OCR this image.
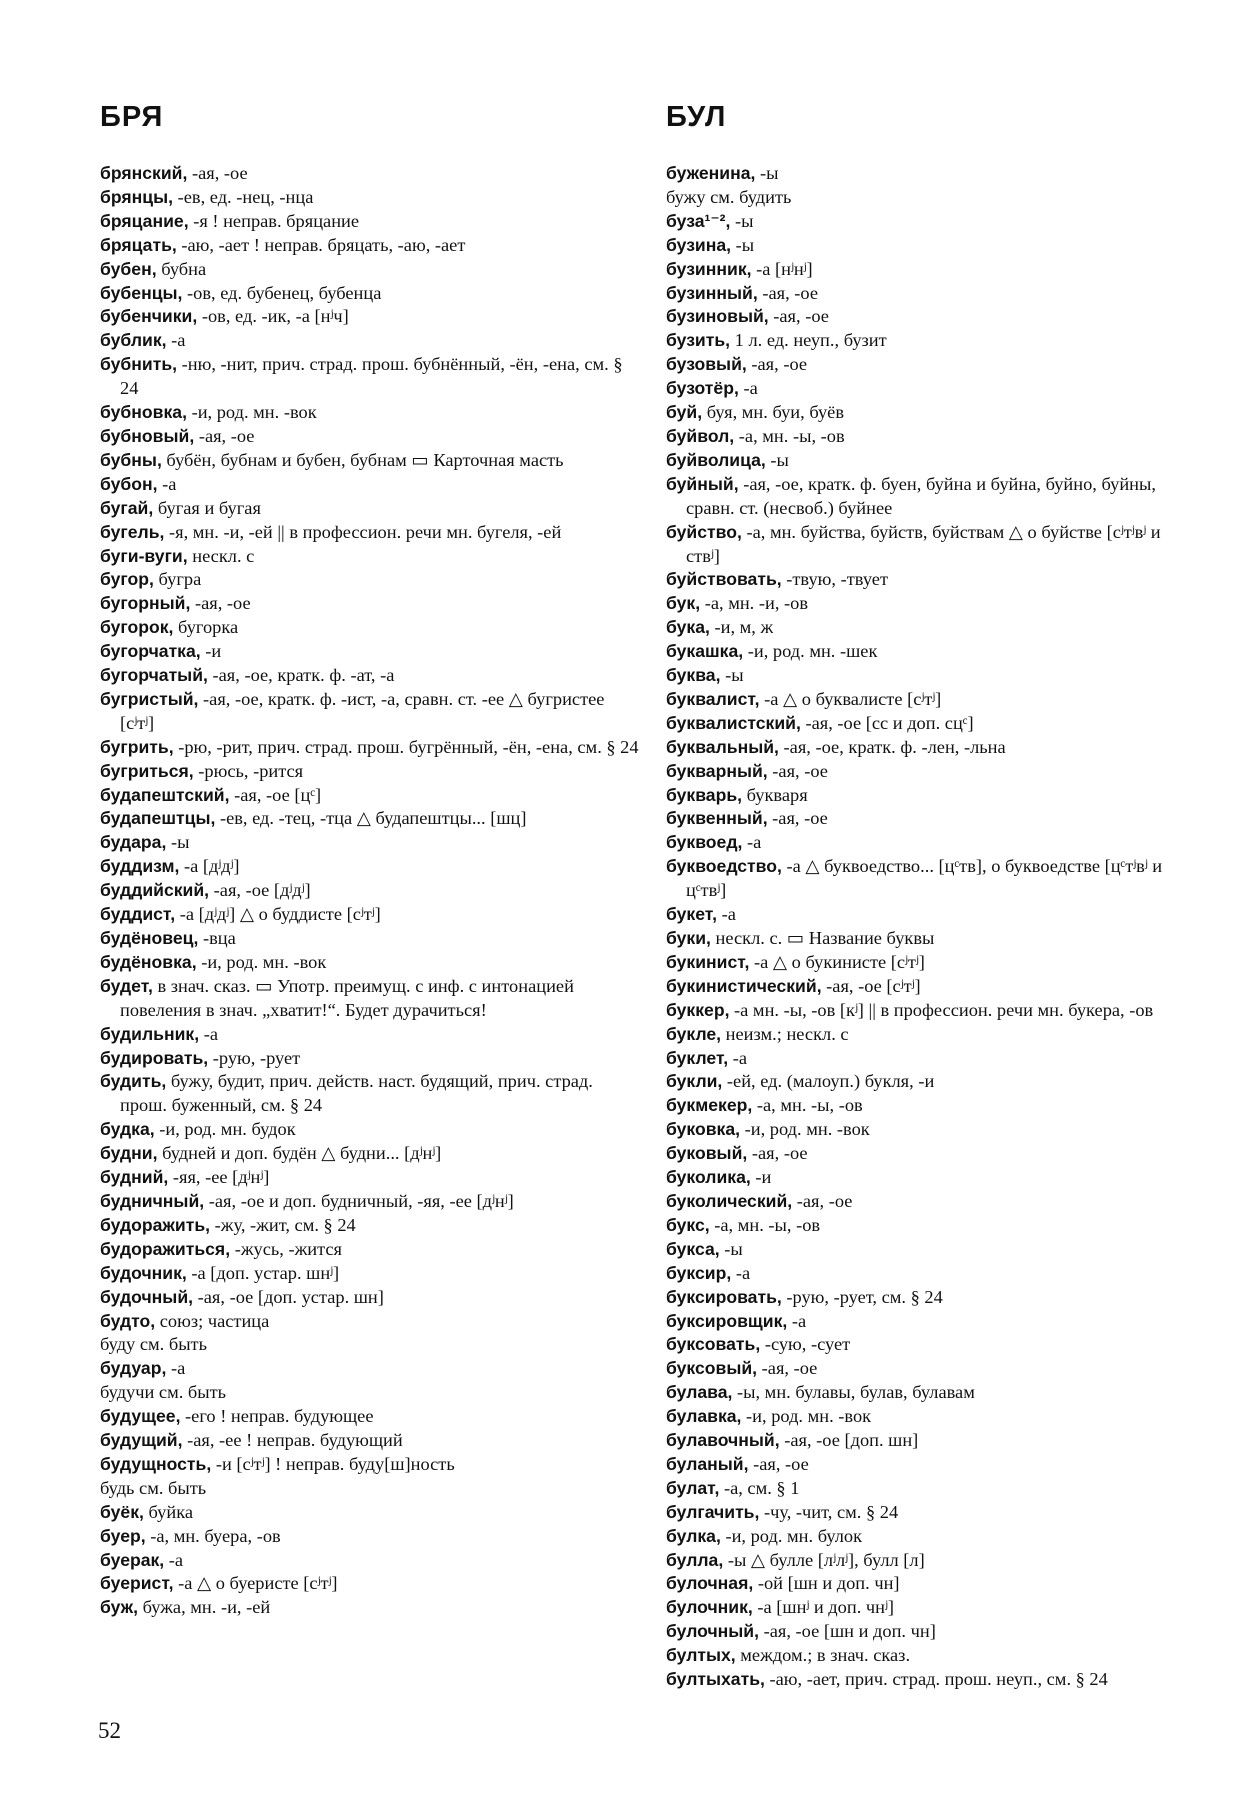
БРЯ
брянский, -ая, -ое
брянцы, -ев, ед. -нец, -нца
бряцание, -я ! неправ. бряцание
бряцать, -аю, -ает ! неправ. бряцать, -аю, -ает
бубен, бубна
бубенцы, -ов, ед. бубенец, бубенца
бубенчики, -ов, ед. -ик, -а [нʲч]
бублик, -а
бубнить, -ню, -нит, прич. страд. прош. бубнённый, -ён, -ена, см. § 24
бубновка, -и, род. мн. -вок
бубновый, -ая, -ое
бубны, бубён, бубнам и бубен, бубнам ▭ Карточная масть
бубон, -а
бугай, бугая и бугая
бугель, -я, мн. -и, -ей || в профессион. речи мн. бугеля, -ей
буги-вуги, нескл. с
бугор, бугра
бугорный, -ая, -ое
бугорок, бугорка
бугорчатка, -и
бугорчатый, -ая, -ое, кратк. ф. -ат, -а
бугристый, -ая, -ое, кратк. ф. -ист, -а, сравн. ст. -ее △ бугристее [сʲтʲ]
бугрить, -рю, -рит, прич. страд. прош. бугрённый, -ён, -ена, см. § 24
бугриться, -рюсь, -рится
будапештский, -ая, -ое [цᶜ]
будапештцы, -ев, ед. -тец, -тца △ будапештцы... [шц]
будара, -ы
буддизм, -а [дʲдʲ]
буддийский, -ая, -ое [дʲдʲ]
буддист, -а [дʲдʲ] △ о буддисте [сʲтʲ]
будёновец, -вца
будёновка, -и, род. мн. -вок
будет, в знач. сказ. ▭ Употр. преимущ. с инф. с интонацией повеления в знач. „хватит!“. Будет дурачиться!
будильник, -а
будировать, -рую, -рует
будить, бужу, будит, прич. действ. наст. будящий, прич. страд. прош. буженный, см. § 24
будка, -и, род. мн. будок
будни, будней и доп. будён △ будни... [дʲнʲ]
будний, -яя, -ее [дʲнʲ]
будничный, -ая, -ое и доп. будничный, -яя, -ее [дʲнʲ]
будоражить, -жу, -жит, см. § 24
будоражиться, -жусь, -жится
будочник, -а [доп. устар. шнʲ]
будочный, -ая, -ое [доп. устар. шн]
будто, союз; частица
буду см. быть
будуар, -а
будучи см. быть
будущее, -его ! неправ. будующее
будущий, -ая, -ее ! неправ. будующий
будущность, -и [сʲтʲ] ! неправ. буду[ш]ность
будь см. быть
буёк, буйка
буер, -а, мн. буера, -ов
буерак, -а
буерист, -а △ о буеристе [сʲтʲ]
буж, бужа, мн. -и, -ей
БУЛ
буженина, -ы
бужу см. будить
буза¹⁻², -ы
бузина, -ы
бузинник, -а [нʲнʲ]
бузинный, -ая, -ое
бузиновый, -ая, -ое
бузить, 1 л. ед. неуп., бузит
бузовый, -ая, -ое
бузотёр, -а
буй, буя, мн. буи, буёв
буйвол, -а, мн. -ы, -ов
буйволица, -ы
буйный, -ая, -ое, кратк. ф. буен, буйна и буйна, буйно, буйны, сравн. ст. (несвоб.) буйнее
буйство, -а, мн. буйства, буйств, буйствам △ о буйстве [сʲтʲвʲ и ствʲ]
буйствовать, -твую, -твует
бук, -а, мн. -и, -ов
бука, -и, м, ж
букашка, -и, род. мн. -шек
буква, -ы
буквалист, -а △ о буквалисте [сʲтʲ]
буквалистский, -ая, -ое [сс и доп. сцᶜ]
буквальный, -ая, -ое, кратк. ф. -лен, -льна
букварный, -ая, -ое
букварь, букваря
буквенный, -ая, -ое
буквоед, -а
буквоедство, -а △ буквоедство... [цᶜтв], о буквоедстве [цᶜтʲвʲ и цᶜтвʲ]
букет, -а
буки, нескл. с. ▭ Название буквы
букинист, -а △ о букинисте [сʲтʲ]
букинистический, -ая, -ое [сʲтʲ]
буккер, -а мн. -ы, -ов [кʲ] || в профессион. речи мн. букера, -ов
букле, неизм.; нескл. с
буклет, -а
букли, -ей, ед. (малоуп.) букля, -и
букмекер, -а, мн. -ы, -ов
буковка, -и, род. мн. -вок
буковый, -ая, -ое
буколика, -и
буколический, -ая, -ое
букс, -а, мн. -ы, -ов
букса, -ы
буксир, -а
буксировать, -рую, -рует, см. § 24
буксировщик, -а
буксовать, -сую, -сует
буксовый, -ая, -ое
булава, -ы, мн. булавы, булав, булавам
булавка, -и, род. мн. -вок
булавочный, -ая, -ое [доп. шн]
буланый, -ая, -ое
булат, -а, см. § 1
булгачить, -чу, -чит, см. § 24
булка, -и, род. мн. булок
булла, -ы △ булле [лʲлʲ], булл [л]
булочная, -ой [шн и доп. чн]
булочник, -а [шнʲ и доп. чнʲ]
булочный, -ая, -ое [шн и доп. чн]
бултых, междом.; в знач. сказ.
бултыхать, -аю, -ает, прич. страд. прош. неуп., см. § 24
52
